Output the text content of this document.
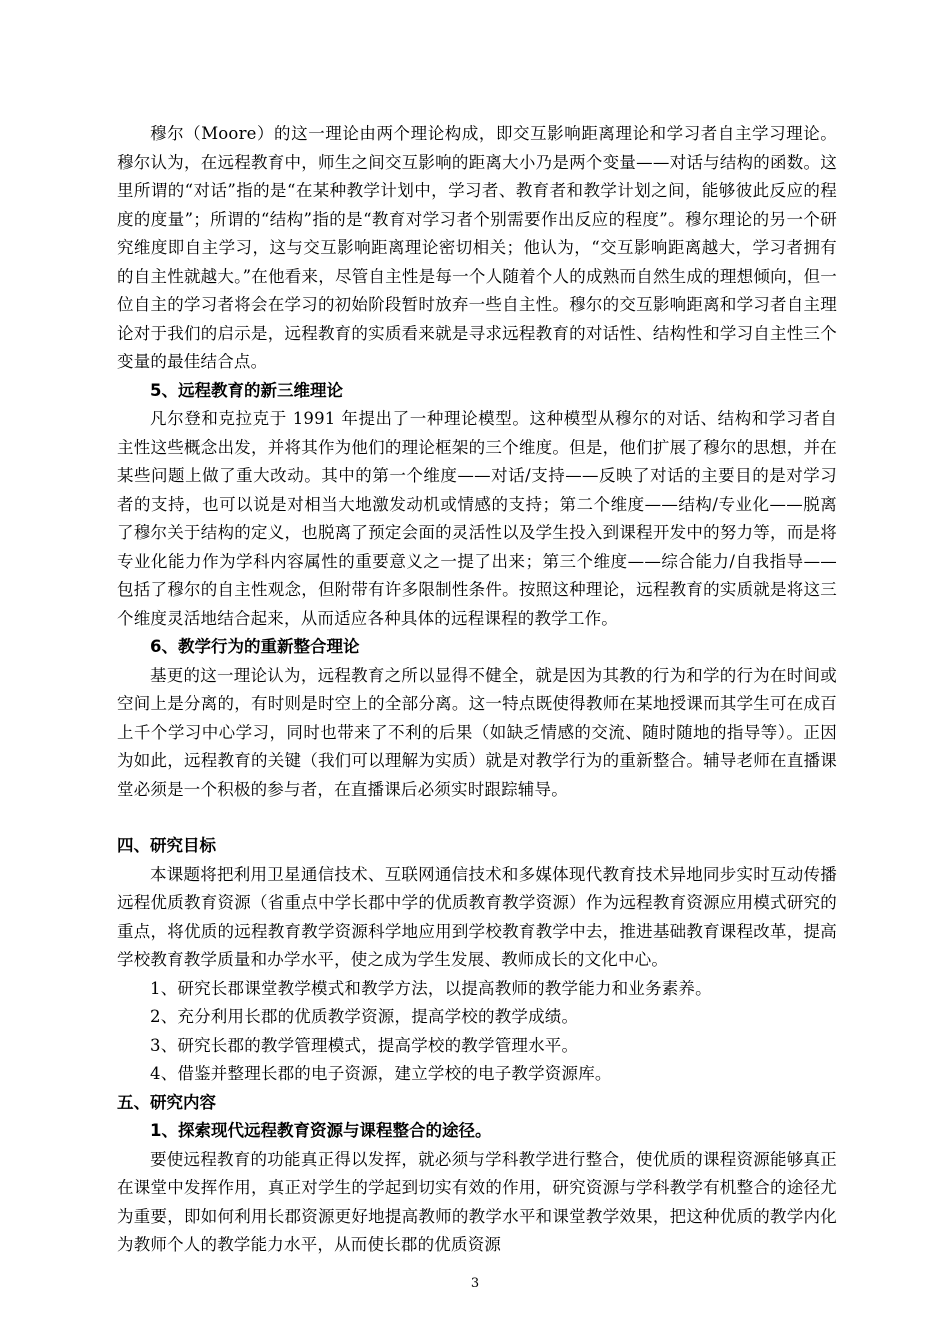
穆尔（Moore）的这一理论由两个理论构成，即交互影响距离理论和学习者自主学习理论。穆尔认为，在远程教育中，师生之间交互影响的距离大小乃是两个变量——对话与结构的函数。这里所谓的“对话”指的是“在某种教学计划中，学习者、教育者和教学计划之间，能够彼此反应的程度的度量”；所谓的“结构”指的是“教育对学习者个别需要作出反应的程度”。穆尔理论的另一个研究维度即自主学习，这与交互影响距离理论密切相关；他认为，“交互影响距离越大，学习者拥有的自主性就越大。”在他看来，尽管自主性是每一个人随着个人的成熟而自然生成的理想倾向，但一位自主的学习者将会在学习的初始阶段暂时放弃一些自主性。穆尔的交互影响距离和学习者自主理论对于我们的启示是，远程教育的实质看来就是寻求远程教育的对话性、结构性和学习自主性三个变量的最佳结合点。

5、远程教育的新三维理论

凡尔登和克拉克于 1991 年提出了一种理论模型。这种模型从穆尔的对话、结构和学习者自主性这些概念出发，并将其作为他们的理论框架的三个维度。但是，他们扩展了穆尔的思想，并在某些问题上做了重大改动。其中的第一个维度——对话/支持——反映了对话的主要目的是对学习者的支持，也可以说是对相当大地激发动机或情感的支持；第二个维度——结构/专业化——脱离了穆尔关于结构的定义，也脱离了预定会面的灵活性以及学生投入到课程开发中的努力等，而是将专业化能力作为学科内容属性的重要意义之一提了出来；第三个维度——综合能力/自我指导——包括了穆尔的自主性观念，但附带有许多限制性条件。按照这种理论，远程教育的实质就是将这三个维度灵活地结合起来，从而适应各种具体的远程课程的教学工作。

6、教学行为的重新整合理论

基更的这一理论认为，远程教育之所以显得不健全，就是因为其教的行为和学的行为在时间或空间上是分离的，有时则是时空上的全部分离。这一特点既使得教师在某地授课而其学生可在成百上千个学习中心学习，同时也带来了不利的后果（如缺乏情感的交流、随时随地的指导等）。正因为如此，远程教育的关键（我们可以理解为实质）就是对教学行为的重新整合。辅导老师在直播课堂必须是一个积极的参与者，在直播课后必须实时跟踪辅导。

四、研究目标

本课题将把利用卫星通信技术、互联网通信技术和多媒体现代教育技术异地同步实时互动传播远程优质教育资源（省重点中学长郡中学的优质教育教学资源）作为远程教育资源应用模式研究的重点，将优质的远程教育教学资源科学地应用到学校教育教学中去，推进基础教育课程改革，提高学校教育教学质量和办学水平，使之成为学生发展、教师成长的文化中心。

1、研究长郡课堂教学模式和教学方法，以提高教师的教学能力和业务素养。

2、充分利用长郡的优质教学资源，提高学校的教学成绩。

3、研究长郡的教学管理模式，提高学校的教学管理水平。

4、借鉴并整理长郡的电子资源，建立学校的电子教学资源库。

五、研究内容
1、探索现代远程教育资源与课程整合的途径。

要使远程教育的功能真正得以发挥，就必须与学科教学进行整合，使优质的课程资源能够真正在课堂中发挥作用，真正对学生的学起到切实有效的作用，研究资源与学科教学有机整合的途径尤为重要，即如何利用长郡资源更好地提高教师的教学水平和课堂教学效果，把这种优质的教学内化为教师个人的教学能力水平，从而使长郡的优质资源

3
